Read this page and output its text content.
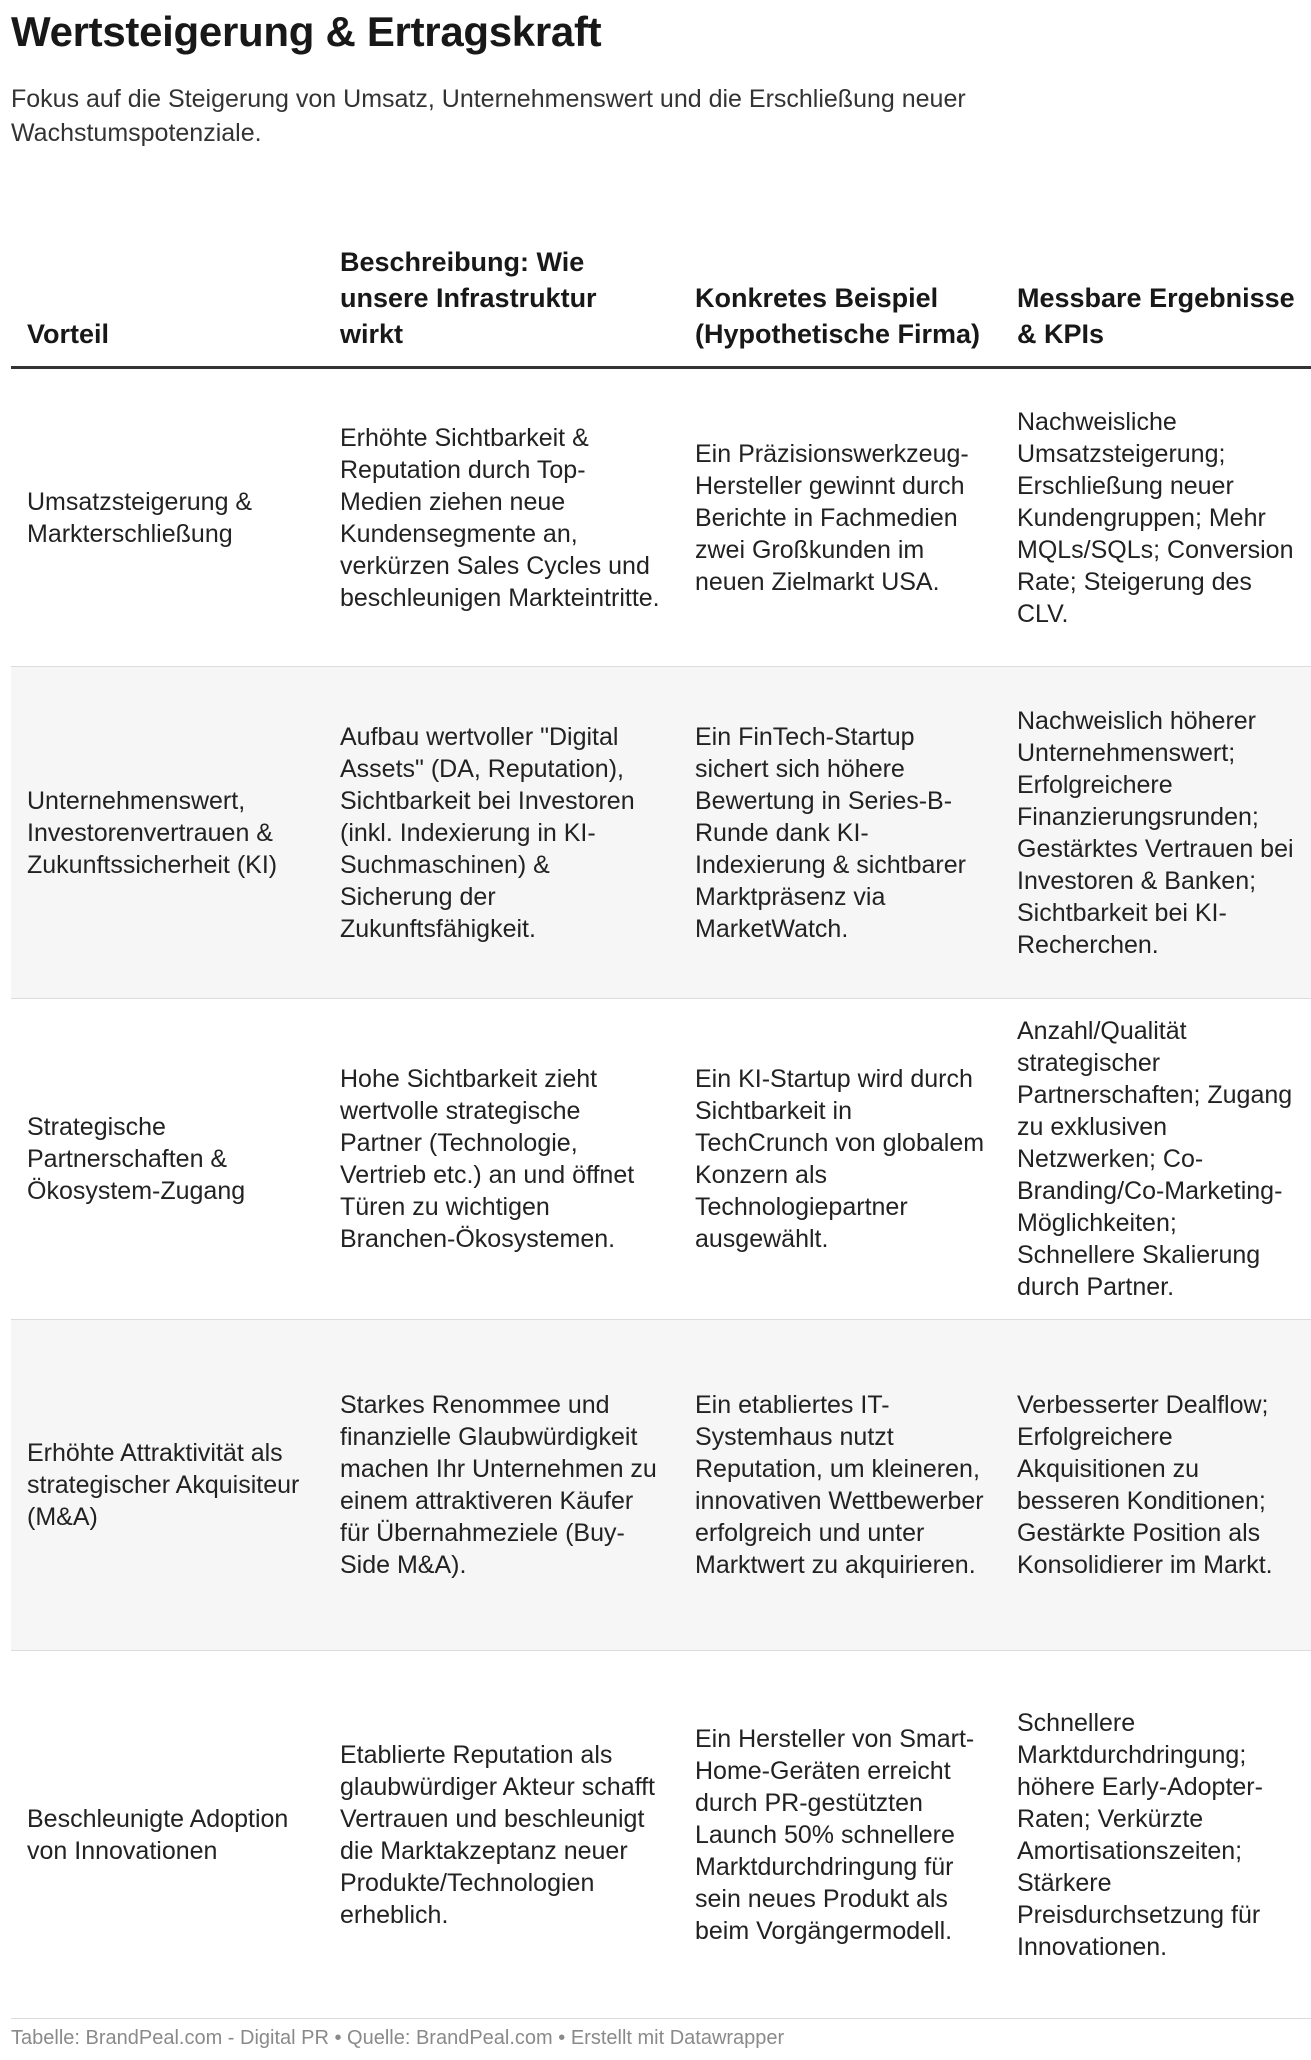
Wertsteigerung & Ertragskraft

Fokus auf die Steigerung von Umsatz, Unternehmenswert und die Erschließung neuer Wachstumspotenziale.

Vorteil	Beschreibung: Wie unsere Infrastruktur wirkt	Konkretes Beispiel (Hypothetische Firma)	Messbare Ergebnisse & KPIs
Umsatzsteigerung & Markterschließung	Erhöhte Sichtbarkeit & Reputation durch Top-Medien ziehen neue Kundensegmente an, verkürzen Sales Cycles und beschleunigen Markteintritte.	Ein Präzisionswerkzeug-Hersteller gewinnt durch Berichte in Fachmedien zwei Großkunden im neuen Zielmarkt USA.	Nachweisliche Umsatzsteigerung; Erschließung neuer Kundengruppen; Mehr MQLs/SQLs; Conversion Rate; Steigerung des CLV.
Unternehmenswert, Investorenvertrauen & Zukunftssicherheit (KI)	Aufbau wertvoller "Digital Assets" (DA, Reputation), Sichtbarkeit bei Investoren (inkl. Indexierung in KI-Suchmaschinen) & Sicherung der Zukunftsfähigkeit.	Ein FinTech-Startup sichert sich höhere Bewertung in Series-B-Runde dank KI-Indexierung & sichtbarer Marktpräsenz via MarketWatch.	Nachweislich höherer Unternehmenswert; Erfolgreichere Finanzierungsrunden; Gestärktes Vertrauen bei Investoren & Banken; Sichtbarkeit bei KI-Recherchen.
Strategische Partnerschaften & Ökosystem-Zugang	Hohe Sichtbarkeit zieht wertvolle strategische Partner (Technologie, Vertrieb etc.) an und öffnet Türen zu wichtigen Branchen-Ökosystemen.	Ein KI-Startup wird durch Sichtbarkeit in TechCrunch von globalem Konzern als Technologiepartner ausgewählt.	Anzahl/Qualität strategischer Partnerschaften; Zugang zu exklusiven Netzwerken; Co-Branding/Co-Marketing-Möglichkeiten; Schnellere Skalierung durch Partner.
Erhöhte Attraktivität als strategischer Akquisiteur (M&A)	Starkes Renommee und finanzielle Glaubwürdigkeit machen Ihr Unternehmen zu einem attraktiveren Käufer für Übernahmeziele (Buy-Side M&A).	Ein etabliertes IT-Systemhaus nutzt Reputation, um kleineren, innovativen Wettbewerber erfolgreich und unter Marktwert zu akquirieren.	Verbesserter Dealflow; Erfolgreichere Akquisitionen zu besseren Konditionen; Gestärkte Position als Konsolidierer im Markt.
Beschleunigte Adoption von Innovationen	Etablierte Reputation als glaubwürdiger Akteur schafft Vertrauen und beschleunigt die Marktakzeptanz neuer Produkte/Technologien erheblich.	Ein Hersteller von Smart-Home-Geräten erreicht durch PR-gestützten Launch 50% schnellere Marktdurchdringung für sein neues Produkt als beim Vorgängermodell.	Schnellere Marktdurchdringung; höhere Early-Adopter-Raten; Verkürzte Amortisationszeiten; Stärkere Preisdurchsetzung für Innovationen.

Tabelle: BrandPeal.com - Digital PR • Quelle: BrandPeal.com • Erstellt mit Datawrapper
